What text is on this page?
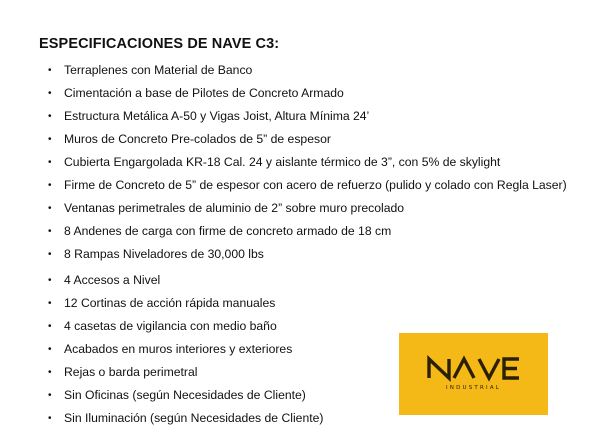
ESPECIFICACIONES DE NAVE C3:
• Terraplenes con Material de Banco
• Cimentación a base de Pilotes de Concreto Armado
• Estructura Metálica A-50 y Vigas Joist, Altura Mínima 24’
• Muros de Concreto Pre-colados de 5” de espesor
• Cubierta Engargolada KR-18 Cal. 24 y aislante térmico de 3”, con 5% de skylight
• Firme de Concreto de 5” de espesor con acero de refuerzo (pulido y colado con Regla Laser)
• Ventanas perimetrales de aluminio de 2” sobre muro precolado
• 8 Andenes de carga con firme de concreto armado de 18 cm
• 8 Rampas Niveladores de 30,000 lbs
• 4 Accesos a Nivel
• 12 Cortinas de acción rápida manuales
• 4 casetas de vigilancia con medio baño
• Acabados en muros interiores y exteriores
• Rejas o barda perimetral
• Sin Oficinas (según Necesidades de Cliente)
• Sin Iluminación (según Necesidades de Cliente)
INDUSTRIAL
